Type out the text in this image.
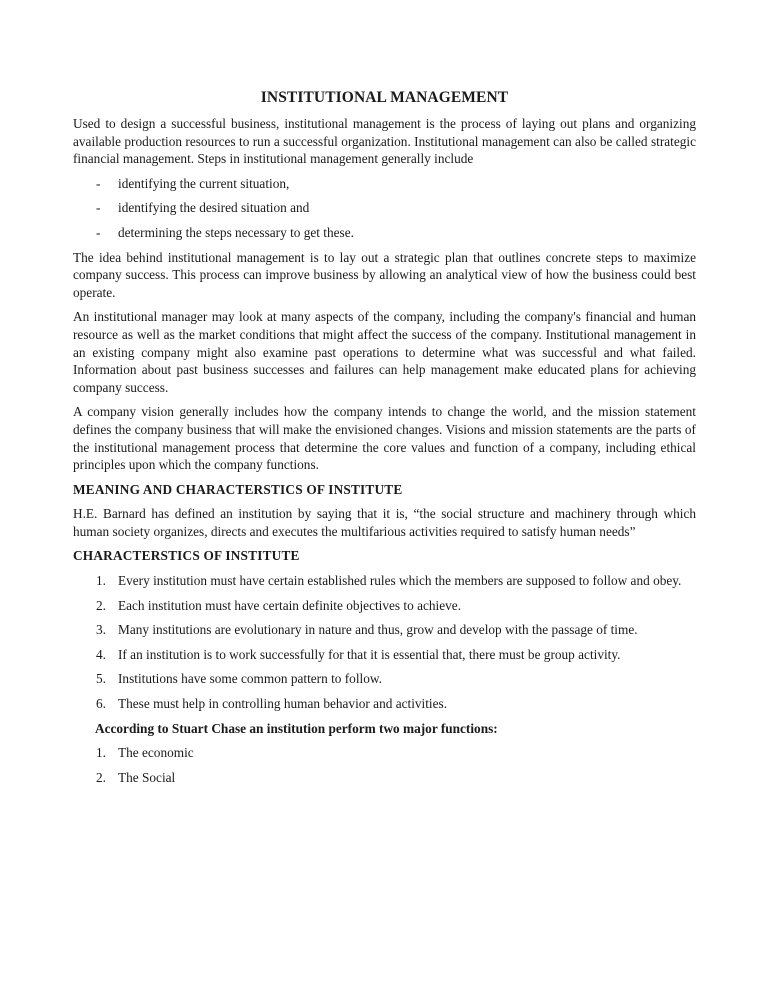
INSTITUTIONAL MANAGEMENT

Used to design a successful business, institutional management is the process of laying out plans and organizing available production resources to run a successful organization. Institutional management can also be called strategic financial management. Steps in institutional management generally include

- identifying the current situation,
- identifying the desired situation and
- determining the steps necessary to get these.

The idea behind institutional management is to lay out a strategic plan that outlines concrete steps to maximize company success. This process can improve business by allowing an analytical view of how the business could best operate.

An institutional manager may look at many aspects of the company, including the company's financial and human resource as well as the market conditions that might affect the success of the company. Institutional management in an existing company might also examine past operations to determine what was successful and what failed. Information about past business successes and failures can help management make educated plans for achieving company success.

A company vision generally includes how the company intends to change the world, and the mission statement defines the company business that will make the envisioned changes. Visions and mission statements are the parts of the institutional management process that determine the core values and function of a company, including ethical principles upon which the company functions.

MEANING AND CHARACTERSTICS OF INSTITUTE

H.E. Barnard has defined an institution by saying that it is, “the social structure and machinery through which human society organizes, directs and executes the multifarious activities required to satisfy human needs”

CHARACTERSTICS OF INSTITUTE
1. Every institution must have certain established rules which the members are supposed to follow and obey.
2. Each institution must have certain definite objectives to achieve.
3. Many institutions are evolutionary in nature and thus, grow and develop with the passage of time.
4. If an institution is to work successfully for that it is essential that, there must be group activity.
5. Institutions have some common pattern to follow.
6. These must help in controlling human behavior and activities.
According to Stuart Chase an institution perform two major functions:
1. The economic
2. The Social
